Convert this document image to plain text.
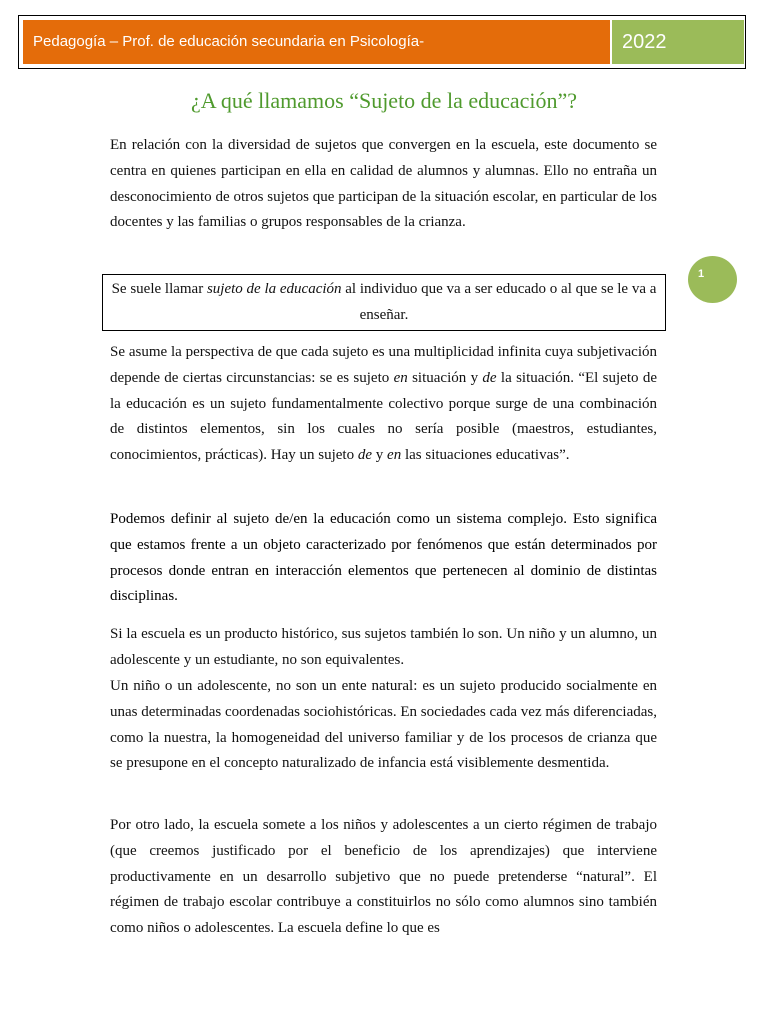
Pedagogía – Prof. de educación secundaria en Psicología-	2022
¿A qué llamamos “Sujeto de la educación”?
1

En relación con la diversidad de sujetos que convergen en la escuela, este documento se centra en quienes participan en ella en calidad de alumnos y alumnas. Ello no entraña un desconocimiento de otros sujetos que participan de la situación escolar, en particular de los docentes y las familias o grupos responsables de la crianza.

Se suele llamar sujeto de la educación al individuo que va a ser educado o al que se le va a enseñar.

Se asume la perspectiva de que cada sujeto es una multiplicidad infinita cuya subjetivación depende de ciertas circunstancias: se es sujeto en situación y de la situación. “El sujeto de la educación es un sujeto fundamentalmente colectivo porque surge de una combinación de distintos elementos, sin los cuales no sería posible (maestros, estudiantes, conocimientos, prácticas). Hay un sujeto de y en las situaciones educativas”.

Podemos definir al sujeto de/en la educación como un sistema complejo. Esto significa que estamos frente a un objeto caracterizado por fenómenos que están determinados por procesos donde entran en interacción elementos que pertenecen al dominio de distintas disciplinas.

Si la escuela es un producto histórico, sus sujetos también lo son. Un niño y un alumno, un adolescente y un estudiante, no son equivalentes.

Un niño o un adolescente, no son un ente natural: es un sujeto producido socialmente en unas determinadas coordenadas sociohistóricas. En sociedades cada vez más diferenciadas, como la nuestra, la homogeneidad del universo familiar y de los procesos de crianza que se presupone en el concepto naturalizado de infancia está visiblemente desmentida.

Por otro lado, la escuela somete a los niños y adolescentes a un cierto régimen de trabajo (que creemos justificado por el beneficio de los aprendizajes) que interviene productivamente en un desarrollo subjetivo que no puede pretenderse “natural”. El régimen de trabajo escolar contribuye a constituirlos no sólo como alumnos sino también como niños o adolescentes. La escuela define lo que es
